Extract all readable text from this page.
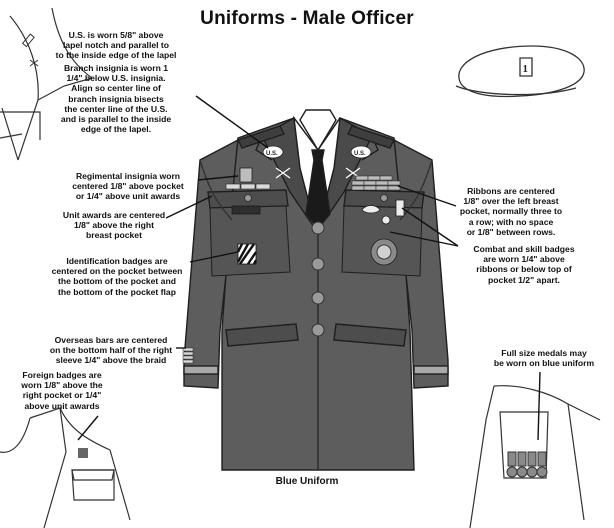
Uniforms - Male Officer
1
U.S.	U.S.
U.S. is worn 5/8" above
lapel notch and parallel to
to the inside edge of the lapel
Branch insignia is worn 1
1/4" below U.S. insignia.
Align so center line of
branch insignia bisects
the center line of the U.S.
and is parallel to the inside
edge of the lapel.
Regimental insignia worn
centered 1/8" above pocket
or 1/4" above unit awards
Unit awards are centered
1/8" above the right
breast pocket
Identification badges are
centered on the pocket between
the bottom of the pocket and
the bottom of the pocket flap
Overseas bars are centered
on the bottom half of the right
sleeve 1/4" above the braid
Foreign badges are
worn 1/8" above the
right pocket or 1/4"
above unit awards
Ribbons are centered
1/8" over the left breast
pocket, normally three to
a row; with no space
or 1/8" between rows.
Combat and skill badges
are worn 1/4" above
ribbons or below top of
pocket 1/2" apart.
Full size medals may
be worn on blue uniform
Blue Uniform
